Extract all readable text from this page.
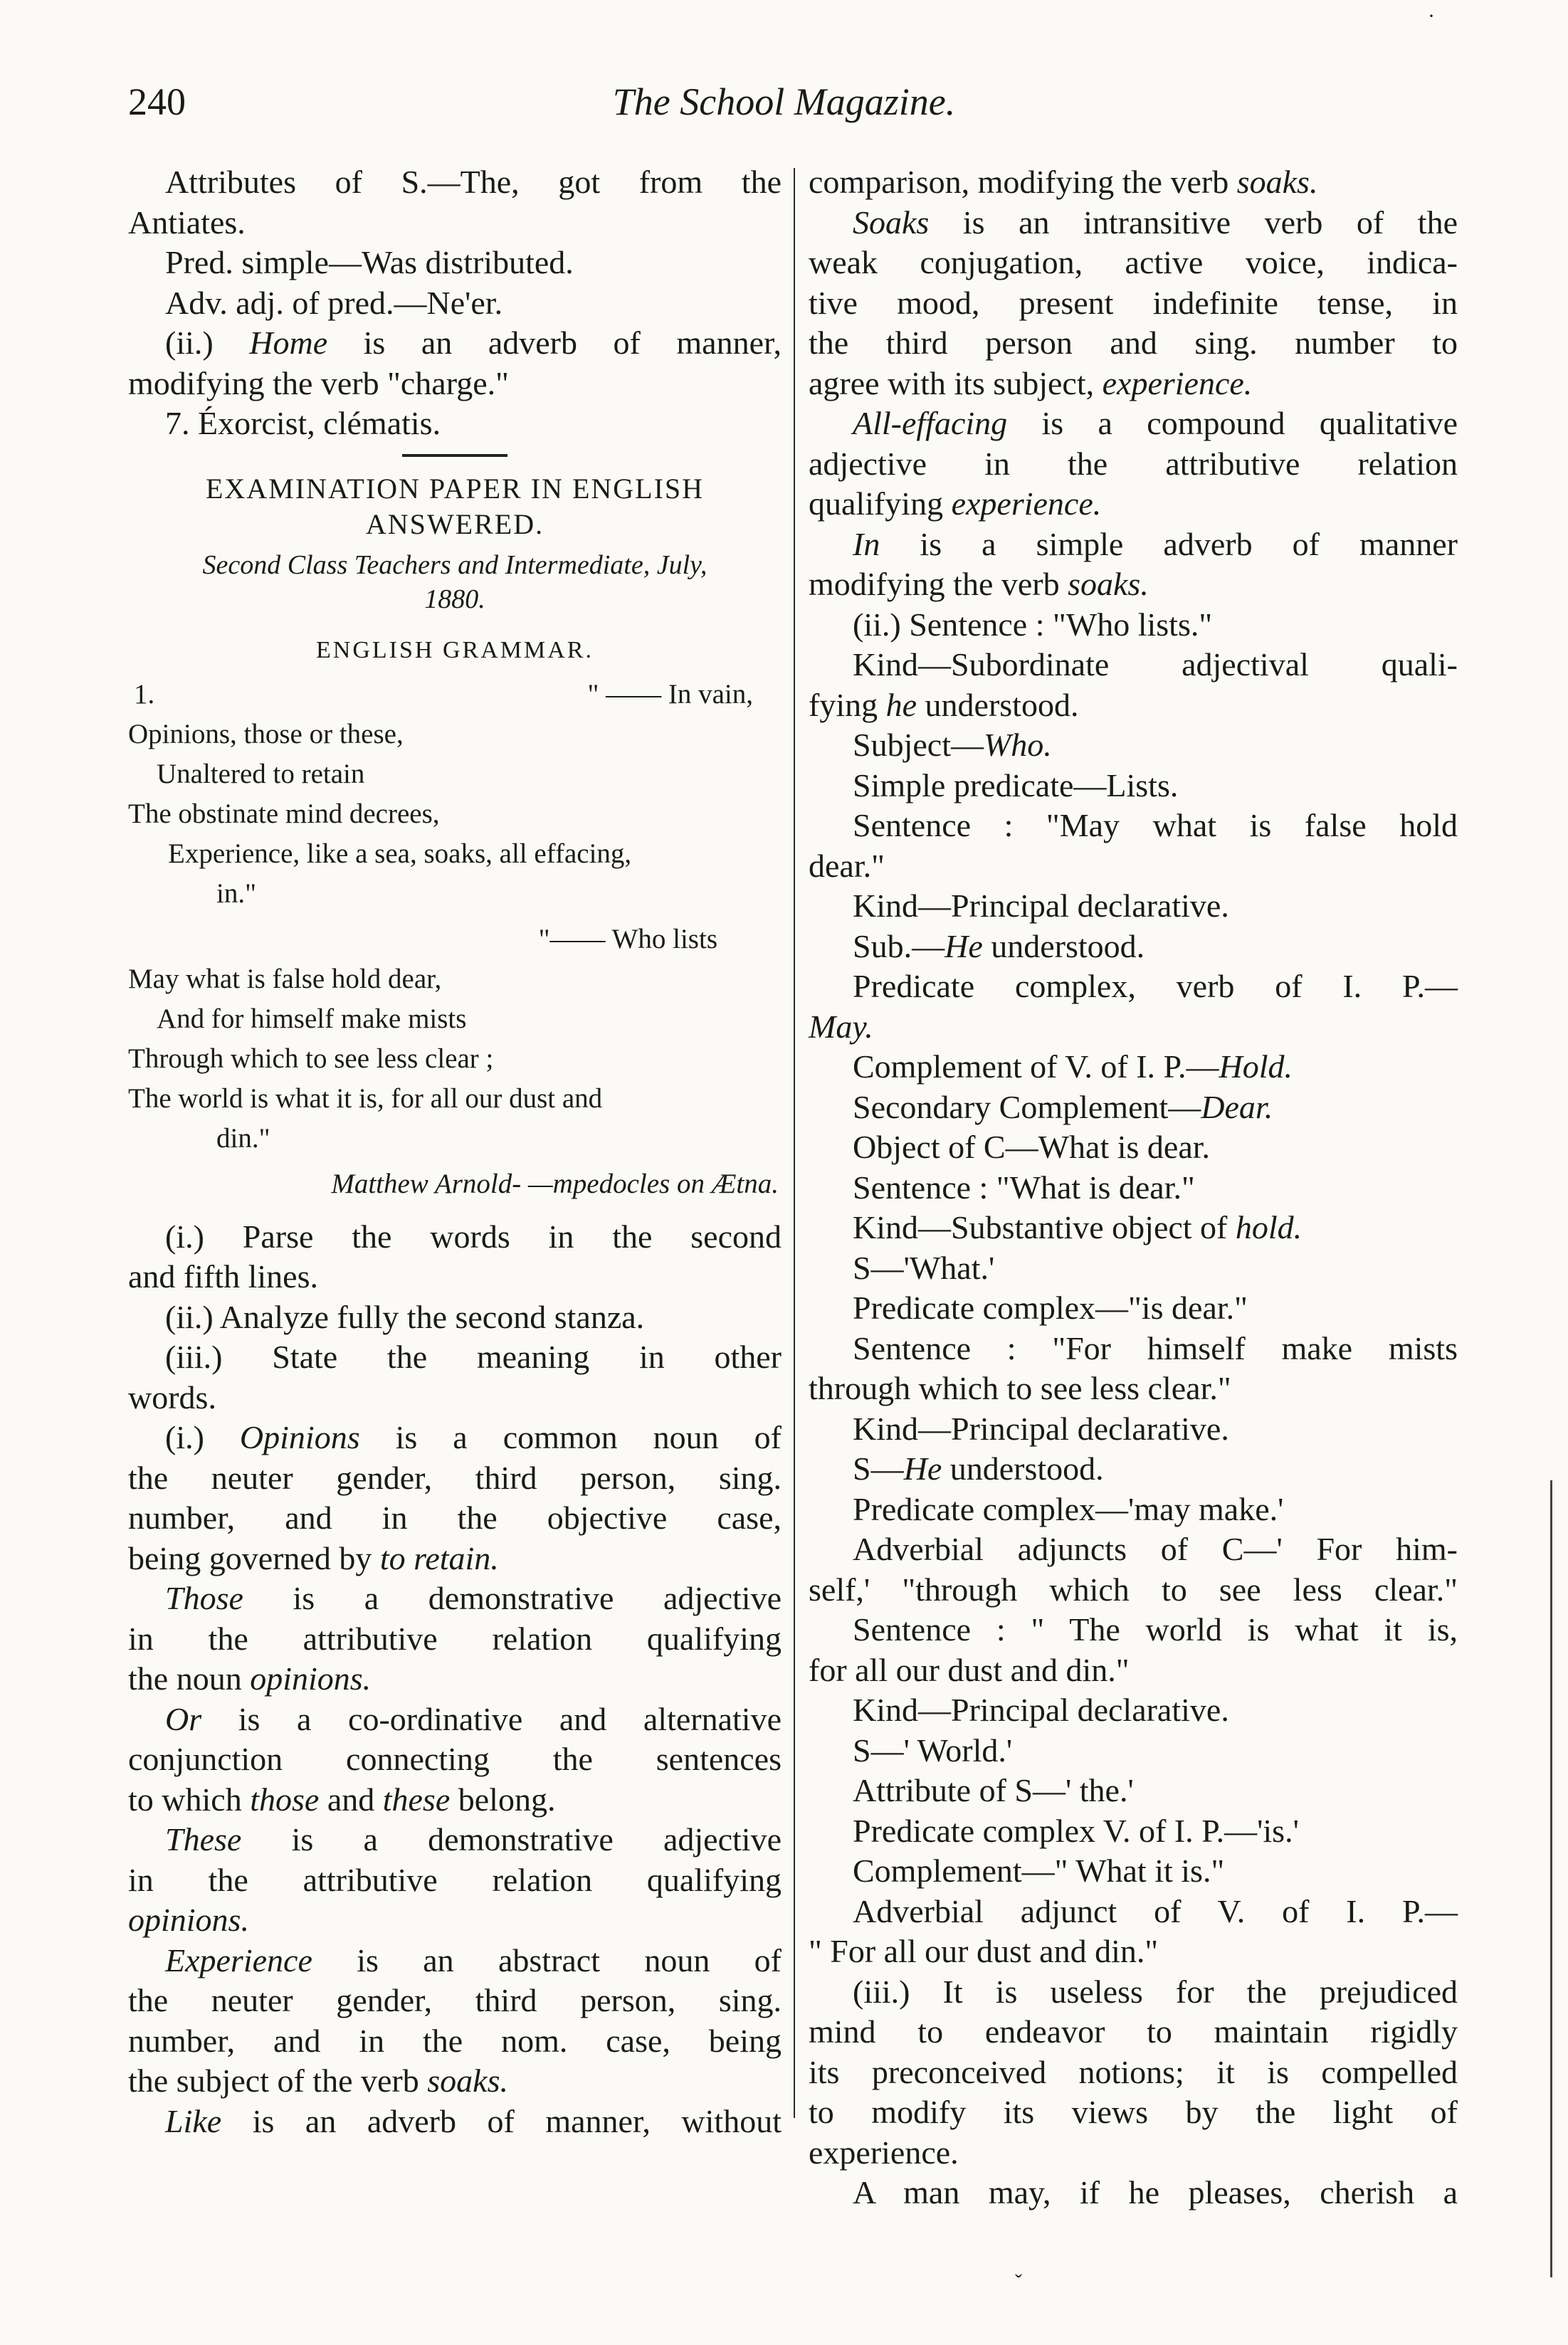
240	The School Magazine.
·
ˇ

Attributes of S.—The, got from the

Antiates.

Pred. simple—Was distributed.

Adv. adj. of pred.—Ne'er.

(ii.) Home is an adverb of manner,

modifying the verb "charge."

7. Éxorcist, clématis.

EXAMINATION PAPER IN ENGLISH

ANSWERED.

Second Class Teachers and Intermediate, July,

1880.

ENGLISH GRAMMAR.

1.	" —— In vain,

Opinions, those or these,

Unaltered to retain

The obstinate mind decrees,

Experience, like a sea, soaks, all effacing,

in."

"—— Who lists

May what is false hold dear,

And for himself make mists

Through which to see less clear ;

The world is what it is, for all our dust and

din."

Matthew Arnold- —mpedocles on Ætna.

(i.) Parse the words in the second

and fifth lines.

(ii.) Analyze fully the second stanza.

(iii.) State the meaning in other

words.

(i.) Opinions is a common noun of

the neuter gender, third person, sing.

number, and in the objective case,

being governed by to retain.

Those is a demonstrative adjective

in the attributive relation qualifying

the noun opinions.

Or is a co-ordinative and alternative

conjunction connecting the sentences

to which those and these belong.

These is a demonstrative adjective

in the attributive relation qualifying

opinions.

Experience is an abstract noun of

the neuter gender, third person, sing.

number, and in the nom. case, being

the subject of the verb soaks.

Like is an adverb of manner, without

comparison, modifying the verb soaks.

Soaks is an intransitive verb of the

weak conjugation, active voice, indica-

tive mood, present indefinite tense, in

the third person and sing. number to

agree with its subject, experience.

All-effacing is a compound qualitative

adjective in the attributive relation

qualifying experience.

In is a simple adverb of manner

modifying the verb soaks.

(ii.) Sentence : "Who lists."

Kind—Subordinate adjectival quali-

fying he understood.

Subject—Who.

Simple predicate—Lists.

Sentence : "May what is false hold

dear."

Kind—Principal declarative.

Sub.—He understood.

Predicate complex, verb of I. P.—

May.

Complement of V. of I. P.—Hold.

Secondary Complement—Dear.

Object of C—What is dear.

Sentence : "What is dear."

Kind—Substantive object of hold.

S—'What.'

Predicate complex—"is dear."

Sentence : "For himself make mists

through which to see less clear."

Kind—Principal declarative.

S—He understood.

Predicate complex—'may make.'

Adverbial adjuncts of C—' For him-

self,' "through which to see less clear."

Sentence : " The world is what it is,

for all our dust and din."

Kind—Principal declarative.

S—' World.'

Attribute of S—' the.'

Predicate complex V. of I. P.—'is.'

Complement—" What it is."

Adverbial adjunct of V. of I. P.—

" For all our dust and din."

(iii.) It is useless for the prejudiced

mind to endeavor to maintain rigidly

its preconceived notions; it is compelled

to modify its views by the light of

experience.

A man may, if he pleases, cherish a
